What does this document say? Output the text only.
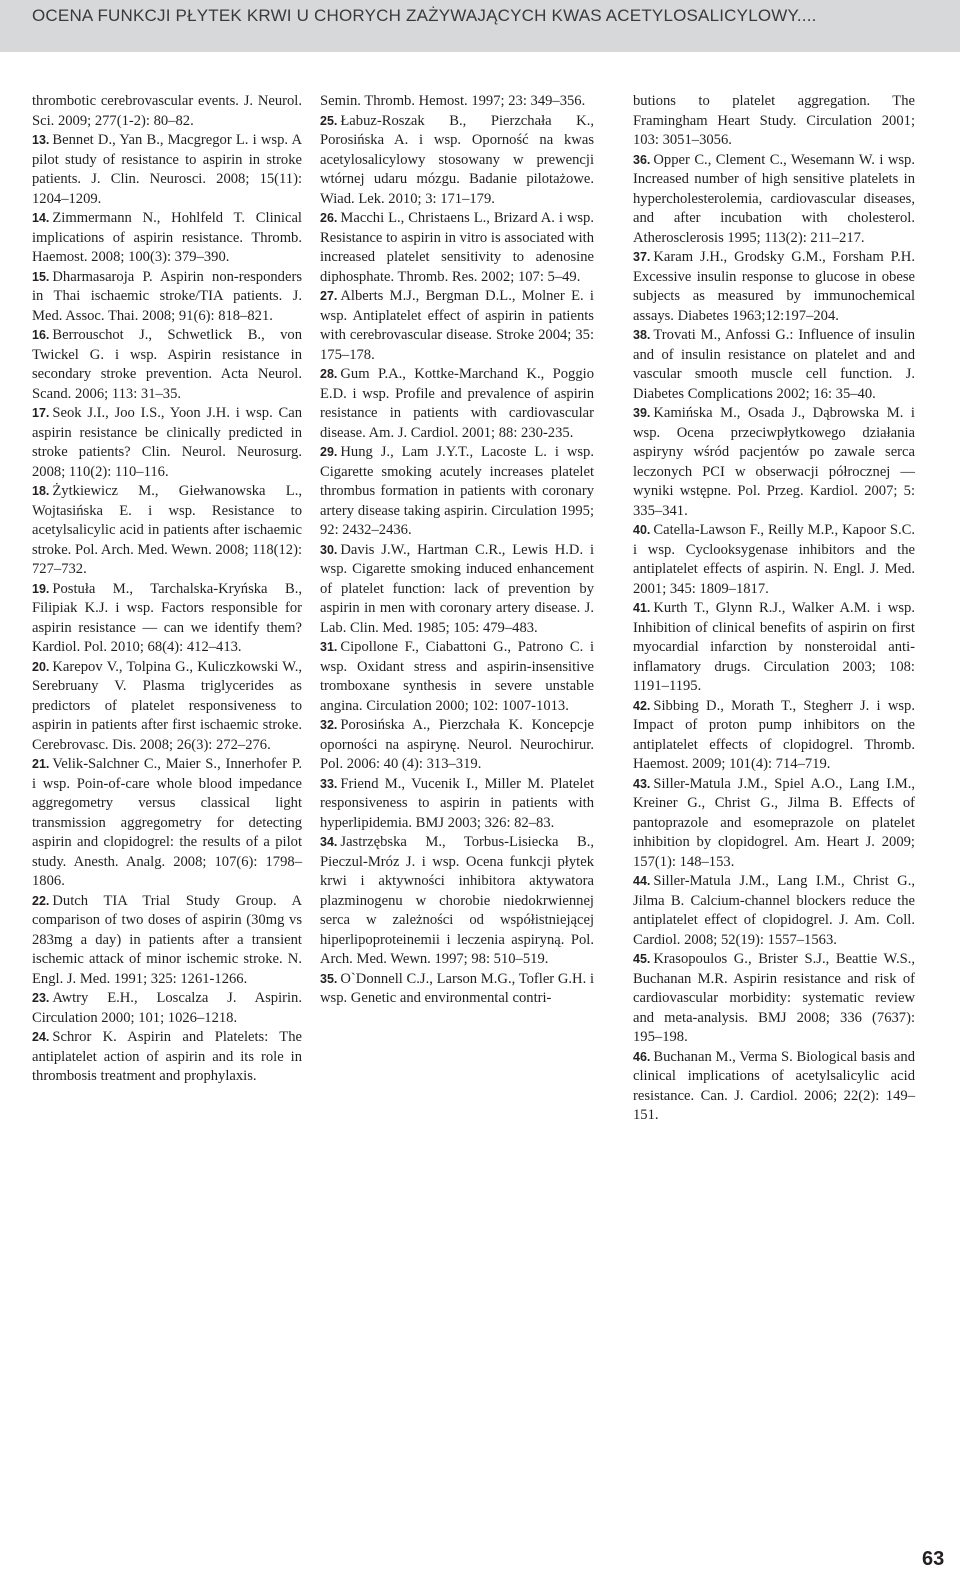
OCENA FUNKCJI PŁYTEK KRWI U CHORYCH ZAŻYWAJĄCYCH KWAS ACETYLOSALICYLOWY....

thrombotic cerebrovascular events. J. Neurol. Sci. 2009; 277(1-2): 80–82.

13. Bennet D., Yan B., Macgregor L. i wsp. A pilot study of resistance to aspirin in stroke patients. J. Clin. Neurosci. 2008; 15(11): 1204–1209.

14. Zimmermann N., Hohlfeld T. Clinical implications of aspirin resistance. Thromb. Haemost. 2008; 100(3): 379–390.

15. Dharmasaroja P. Aspirin non-responders in Thai ischaemic stroke/TIA patients. J. Med. Assoc. Thai. 2008; 91(6): 818–821.

16. Berrouschot J., Schwetlick B., von Twickel G. i wsp. Aspirin resistance in secondary stroke prevention. Acta Neurol. Scand. 2006; 113: 31–35.

17. Seok J.I., Joo I.S., Yoon J.H. i wsp. Can aspirin resistance be clinically predicted in stroke patients? Clin. Neurol. Neurosurg. 2008; 110(2): 110–116.

18. Żytkiewicz M., Giełwanowska L., Wojtasińska E. i wsp. Resistance to acetylsalicylic acid in patients after ischaemic stroke. Pol. Arch. Med. Wewn. 2008; 118(12): 727–732.

19. Postuła M., Tarchalska-Kryńska B., Filipiak K.J. i wsp. Factors responsible for aspirin resistance — can we identify them? Kardiol. Pol. 2010; 68(4): 412–413.

20. Karepov V., Tolpina G., Kuliczkowski W., Serebruany V. Plasma triglycerides as predictors of platelet responsiveness to aspirin in patients after first ischaemic stroke. Cerebrovasc. Dis. 2008; 26(3): 272–276.

21. Velik-Salchner C., Maier S., Innerhofer P. i wsp. Poin-of-care whole blood impedance aggregometry versus classical light transmission aggregometry for detecting aspirin and clopidogrel: the results of a pilot study. Anesth. Analg. 2008; 107(6): 1798–1806.

22. Dutch TIA Trial Study Group. A comparison of two doses of aspirin (30mg vs 283mg a day) in patients after a transient ischemic attack of minor ischemic stroke. N. Engl. J. Med. 1991; 325: 1261-1266.

23. Awtry E.H., Loscalza J. Aspirin. Circulation 2000; 101; 1026–1218.

24. Schror K. Aspirin and Platelets: The antiplatelet action of aspirin and its role in thrombosis treatment and prophylaxis.

Semin. Thromb. Hemost. 1997; 23: 349–356.

25. Łabuz-Roszak B., Pierzchała K., Porosińska A. i wsp. Oporność na kwas acetylosalicylowy stosowany w prewencji wtórnej udaru mózgu. Badanie pilotażowe. Wiad. Lek. 2010; 3: 171–179.

26. Macchi L., Christaens L., Brizard A. i wsp. Resistance to aspirin in vitro is associated with increased platelet sensitivity to adenosine diphosphate. Thromb. Res. 2002; 107: 5–49.

27. Alberts M.J., Bergman D.L., Molner E. i wsp. Antiplatelet effect of aspirin in patients with cerebrovascular disease. Stroke 2004; 35: 175–178.

28. Gum P.A., Kottke-Marchand K., Poggio E.D. i wsp. Profile and prevalence of aspirin resistance in patients with cardiovascular disease. Am. J. Cardiol. 2001; 88: 230-235.

29. Hung J., Lam J.Y.T., Lacoste L. i wsp. Cigarette smoking acutely increases platelet thrombus formation in patients with coronary artery disease taking aspirin. Circulation 1995; 92: 2432–2436.

30. Davis J.W., Hartman C.R., Lewis H.D. i wsp. Cigarette smoking induced enhancement of platelet function: lack of prevention by aspirin in men with coronary artery disease. J. Lab. Clin. Med. 1985; 105: 479–483.

31. Cipollone F., Ciabattoni G., Patrono C. i wsp. Oxidant stress and aspirin-insensitive tromboxane synthesis in severe unstable angina. Circulation 2000; 102: 1007-1013.

32. Porosińska A., Pierzchała K. Koncepcje oporności na aspirynę. Neurol. Neurochirur. Pol. 2006: 40 (4): 313–319.

33. Friend M., Vucenik I., Miller M. Platelet responsiveness to aspirin in patients with hyperlipidemia. BMJ 2003; 326: 82–83.

34. Jastrzębska M., Torbus-Lisiecka B., Pieczul-Mróz J. i wsp. Ocena funkcji płytek krwi i aktywności inhibitora aktywatora plazminogenu w chorobie niedokrwiennej serca w zależności od współistniejącej hiperlipoproteinemii i leczenia aspiryną. Pol. Arch. Med. Wewn. 1997; 98: 510–519.

35. O`Donnell C.J., Larson M.G., Tofler G.H. i wsp. Genetic and environmental contri-

butions to platelet aggregation. The Framingham Heart Study. Circulation 2001; 103: 3051–3056.

36. Opper C., Clement C., Wesemann W. i wsp. Increased number of high sensitive platelets in hypercholesterolemia, cardiovascular diseases, and after incubation with cholesterol. Atherosclerosis 1995; 113(2): 211–217.

37. Karam J.H., Grodsky G.M., Forsham P.H. Excessive insulin response to glucose in obese subjects as measured by immunochemical assays. Diabetes 1963;12:197–204.

38. Trovati M., Anfossi G.: Influence of insulin and of insulin resistance on platelet and and vascular smooth muscle cell function. J. Diabetes Complications 2002; 16: 35–40.

39. Kamińska M., Osada J., Dąbrowska M. i wsp. Ocena przeciwpłytkowego działania aspiryny wśród pacjentów po zawale serca leczonych PCI w obserwacji półrocznej — wyniki wstępne. Pol. Przeg. Kardiol. 2007; 5: 335–341.

40. Catella-Lawson F., Reilly M.P., Kapoor S.C. i wsp. Cyclooksygenase inhibitors and the antiplatelet effects of aspirin. N. Engl. J. Med. 2001; 345: 1809–1817.

41. Kurth T., Glynn R.J., Walker A.M. i wsp. Inhibition of clinical benefits of aspirin on first myocardial infarction by nonsteroidal anti-inflamatory drugs. Circulation 2003; 108: 1191–1195.

42. Sibbing D., Morath T., Stegherr J. i wsp. Impact of proton pump inhibitors on the antiplatelet effects of clopidogrel. Thromb. Haemost. 2009; 101(4): 714–719.

43. Siller-Matula J.M., Spiel A.O., Lang I.M., Kreiner G., Christ G., Jilma B. Effects of pantoprazole and esomeprazole on platelet inhibition by clopidogrel. Am. Heart J. 2009; 157(1): 148–153.

44. Siller-Matula J.M., Lang I.M., Christ G., Jilma B. Calcium-channel blockers reduce the antiplatelet effect of clopidogrel. J. Am. Coll. Cardiol. 2008; 52(19): 1557–1563.

45. Krasopoulos G., Brister S.J., Beattie W.S., Buchanan M.R. Aspirin resistance and risk of cardiovascular morbidity: systematic review and meta-analysis. BMJ 2008; 336 (7637): 195–198.

46. Buchanan M., Verma S. Biological basis and clinical implications of acetylsalicylic acid resistance. Can. J. Cardiol. 2006; 22(2): 149–151.

63
